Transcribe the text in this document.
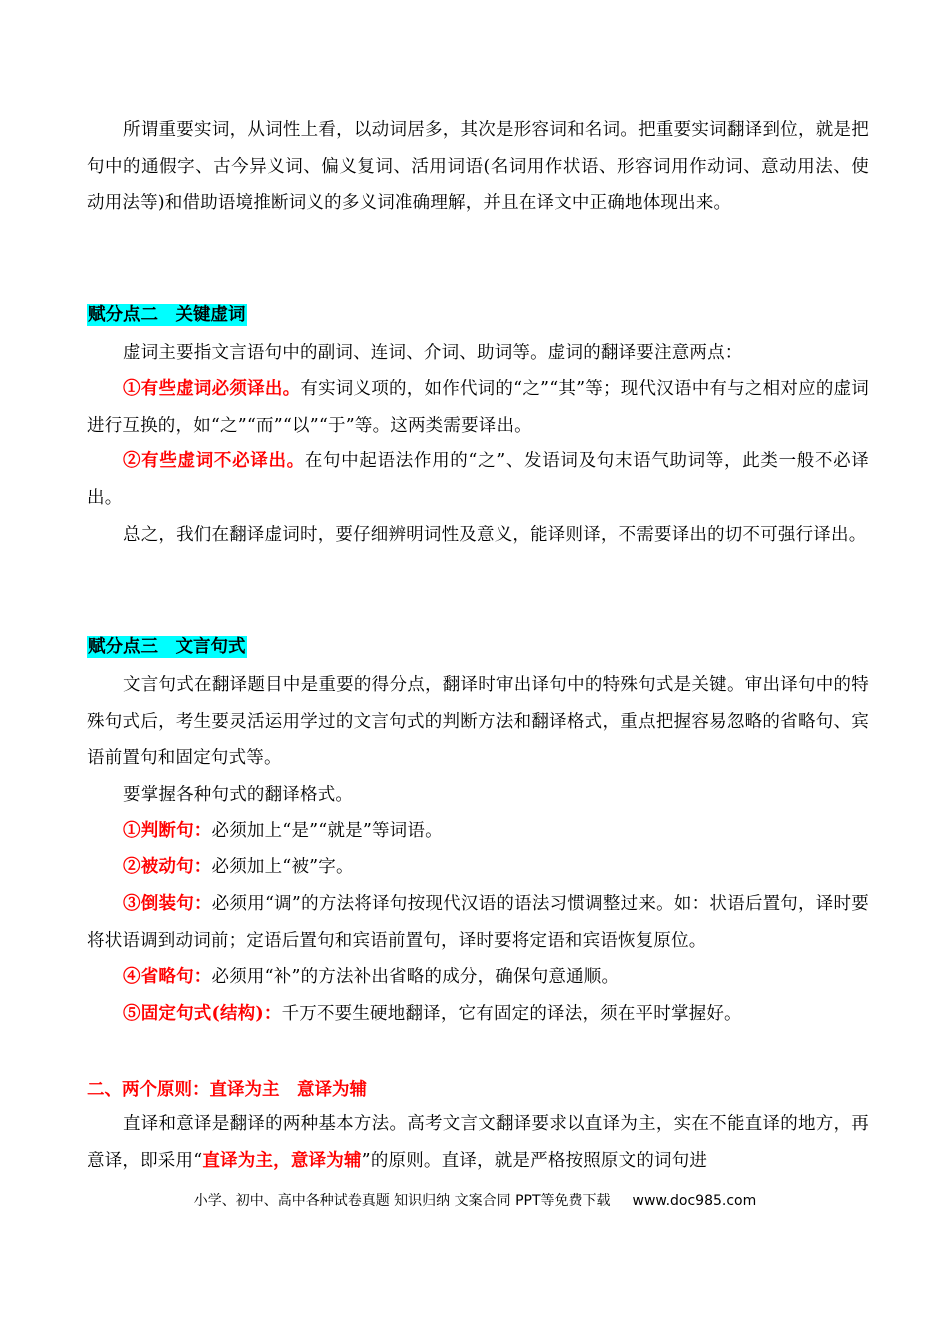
所谓重要实词，从词性上看，以动词居多，其次是形容词和名词。把重要实词翻译到位，就是把句中的通假字、古今异义词、偏义复词、活用词语(名词用作状语、形容词用作动词、意动用法、使动用法等)和借助语境推断词义的多义词准确理解，并且在译文中正确地体现出来。
赋分点二　关键虚词
虚词主要指文言语句中的副词、连词、介词、助词等。虚词的翻译要注意两点：
①有些虚词必须译出。有实词义项的，如作代词的“之”“其”等；现代汉语中有与之相对应的虚词进行互换的，如“之”“而”“以”“于”等。这两类需要译出。
②有些虚词不必译出。在句中起语法作用的“之”、发语词及句末语气助词等，此类一般不必译出。
总之，我们在翻译虚词时，要仔细辨明词性及意义，能译则译，不需要译出的切不可强行译出。
赋分点三　文言句式
文言句式在翻译题目中是重要的得分点，翻译时审出译句中的特殊句式是关键。审出译句中的特殊句式后，考生要灵活运用学过的文言句式的判断方法和翻译格式，重点把握容易忽略的省略句、宾语前置句和固定句式等。
要掌握各种句式的翻译格式。
①判断句：必须加上“是”“就是”等词语。
②被动句：必须加上“被”字。
③倒装句：必须用“调”的方法将译句按现代汉语的语法习惯调整过来。如：状语后置句，译时要将状语调到动词前；定语后置句和宾语前置句，译时要将定语和宾语恢复原位。
④省略句：必须用“补”的方法补出省略的成分，确保句意通顺。
⑤固定句式(结构)：千万不要生硬地翻译，它有固定的译法，须在平时掌握好。
二、两个原则：直译为主　意译为辅
直译和意译是翻译的两种基本方法。高考文言文翻译要求以直译为主，实在不能直译的地方，再意译，即采用“直译为主，意译为辅”的原则。直译，就是严格按照原文的词句进
小学、初中、高中各种试卷真题 知识归纳 文案合同 PPT等免费下载 www.doc985.com
